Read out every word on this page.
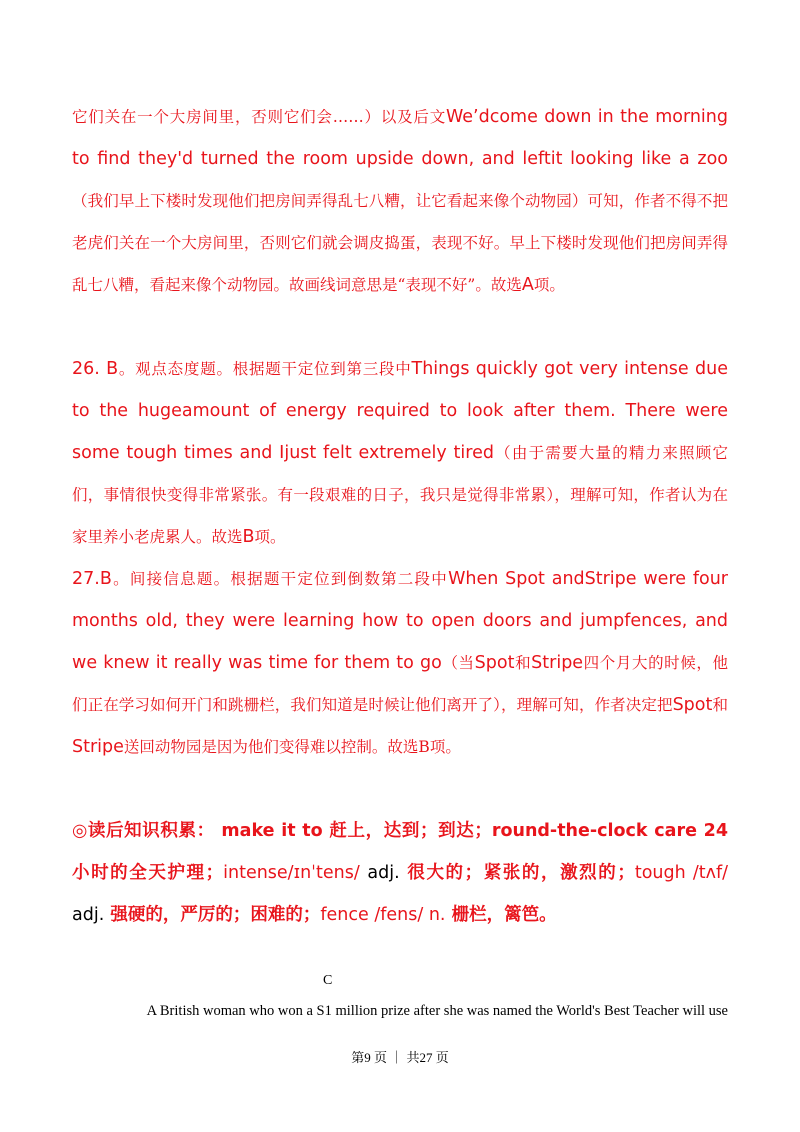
它们关在一个大房间里，否则它们会……）以及后文We’dcome down in the morning to find they'd turned the room upside down, and leftit looking like a zoo（我们早上下楼时发现他们把房间弄得乱七八糟，让它看起来像个动物园）可知，作者不得不把老虎们关在一个大房间里，否则它们就会调皮捣蛋，表现不好。早上下楼时发现他们把房间弄得乱七八糟，看起来像个动物园。故画线词意思是“表现不好”。故选A项。

26. B。观点态度题。根据题干定位到第三段中Things quickly got very intense due to the hugeamount of energy required to look after them. There were some tough times and Ijust felt extremely tired（由于需要大量的精力来照顾它们，事情很快变得非常紧张。有一段艰难的日子，我只是觉得非常累），理解可知，作者认为在家里养小老虎累人。故选B项。

27.B。间接信息题。根据题干定位到倒数第二段中When Spot andStripe were four months old, they were learning how to open doors and jumpfences, and we knew it really was time for them to go（当Spot和Stripe四个月大的时候，他们正在学习如何开门和跳栅栏，我们知道是时候让他们离开了），理解可知，作者决定把Spot和Stripe送回动物园是因为他们变得难以控制。故选B项。

◎读后知识积累： make it to 赶上，达到；到达；round-the-clock care 24 小时的全天护理；intense/ɪnˈtens/ adj. 很大的；紧张的，激烈的；tough /tʌf/ adj. 强硬的，严厉的；困难的；fence /fens/ n. 栅栏，篱笆。

C
A British woman who won a S1 million prize after she was named the World's Best Teacher will use
第9 页 ｜ 共27 页
